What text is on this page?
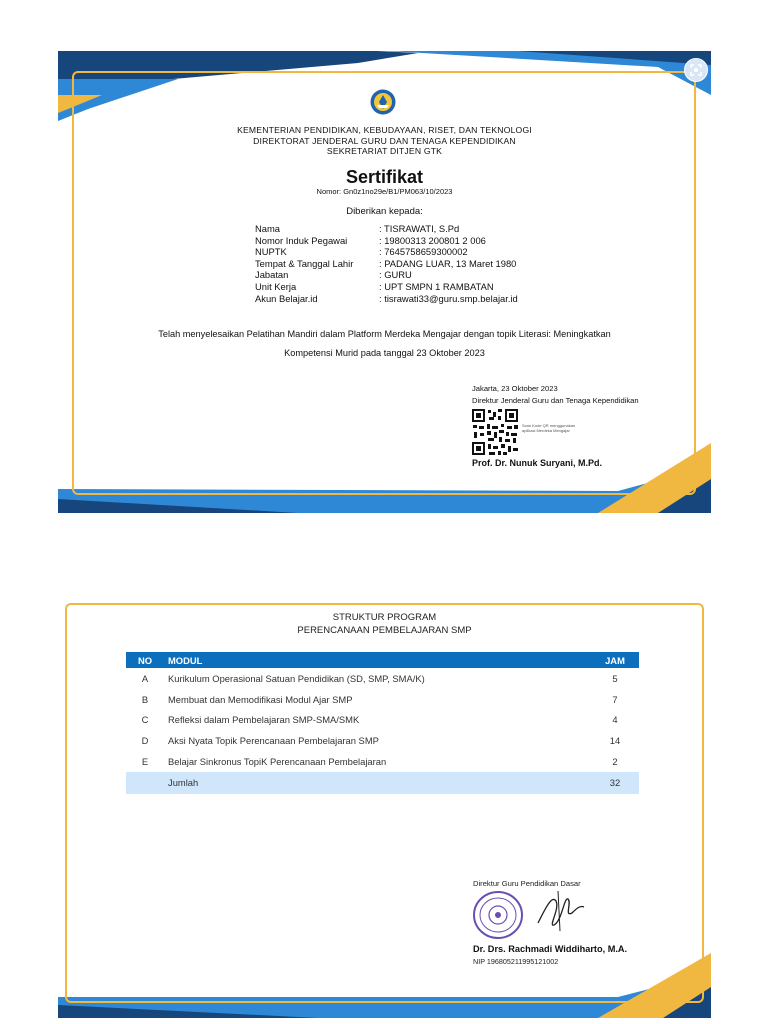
KEMENTERIAN PENDIDIKAN, KEBUDAYAAN, RISET, DAN TEKNOLOGI
DIREKTORAT JENDERAL GURU DAN TENAGA KEPENDIDIKAN
SEKRETARIAT DITJEN GTK
Sertifikat
Nomor: Gn0z1no29e/B1/PM063/10/2023
Diberikan kepada:
Nama	: TISRAWATI, S.Pd
Nomor Induk Pegawai	: 19800313 200801 2 006
NUPTK	: 7645758659300002
Tempat & Tanggal Lahir	: PADANG LUAR, 13 Maret 1980
Jabatan	: GURU
Unit Kerja	: UPT SMPN 1 RAMBATAN
Akun Belajar.id	: tisrawati33@guru.smp.belajar.id
Telah menyelesaikan Pelatihan Mandiri dalam Platform Merdeka Mengajar dengan topik Literasi: Meningkatkan
Kompetensi Murid pada tanggal 23 Oktober 2023
Jakarta, 23 Oktober 2023
Direktur Jenderal Guru dan Tenaga Kependidikan
Scan Kode QR menggunakan
aplikasi Merdeka Mengajar
Prof. Dr. Nunuk Suryani, M.Pd.
STRUKTUR PROGRAM
PERENCANAAN PEMBELAJARAN SMP
NO	MODUL	JAM
A	Kurikulum Operasional Satuan Pendidikan (SD, SMP, SMA/K)	5
B	Membuat dan Memodifikasi Modul Ajar SMP	7
C	Refleksi dalam Pembelajaran SMP-SMA/SMK	4
D	Aksi Nyata Topik Perencanaan Pembelajaran SMP	14
E	Belajar Sinkronus TopiK Perencanaan Pembelajaran	2
	Jumlah	32
Direktur Guru Pendidikan Dasar
Dr. Drs. Rachmadi Widdiharto, M.A.
NIP 196805211995121002
